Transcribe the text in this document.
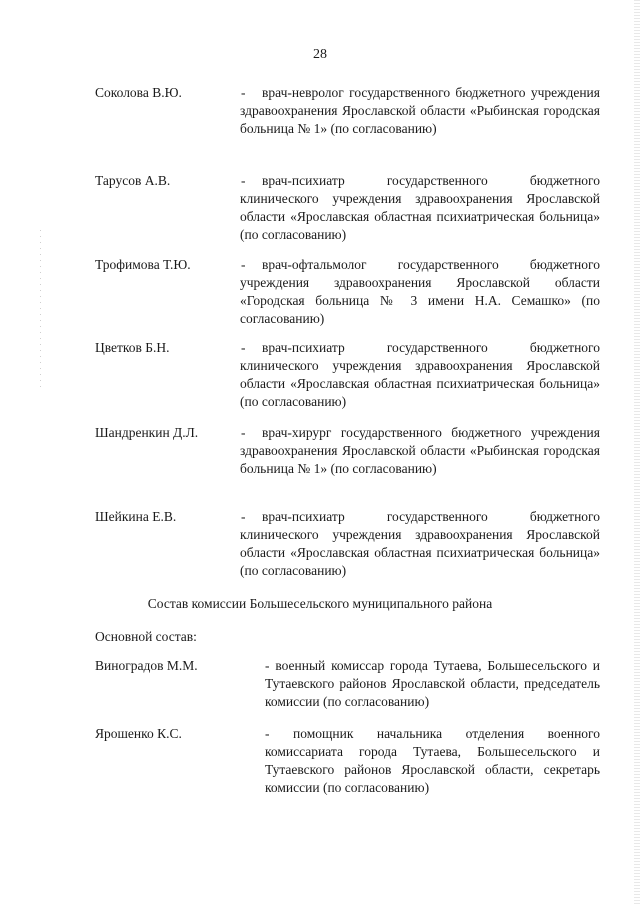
28
Соколова В.Ю.	-	врач-невролог государственного бюджетного учреждения здравоохранения Ярославской области «Рыбинская городская больница № 1» (по согласованию)
Тарусов А.В.	-	врач-психиатр государственного бюджетного клинического учреждения здравоохранения Ярославской области «Ярославская областная психиатрическая больница» (по согласованию)
Трофимова Т.Ю.	-	врач-офтальмолог государственного бюджетного учреждения здравоохранения Ярославской области «Городская больница № 3 имени Н.А. Семашко» (по согласованию)
Цветков Б.Н.	-	врач-психиатр государственного бюджетного клинического учреждения здравоохранения Ярославской области «Ярославская областная психиатрическая больница» (по согласованию)
Шандренкин Д.Л.	-	врач-хирург государственного бюджетного учреждения здравоохранения Ярославской области «Рыбинская городская больница № 1» (по согласованию)
Шейкина Е.В.	-	врач-психиатр государственного бюджетного клинического учреждения здравоохранения Ярославской области «Ярославская областная психиатрическая больница» (по согласованию)
Состав комиссии Большесельского муниципального района
Основной состав:
Виноградов М.М.	- военный комиссар города Тутаева, Большесельского и Тутаевского районов Ярославской области, председатель комиссии (по согласованию)
Ярошенко К.С.	- помощник начальника отделения военного комиссариата города Тутаева, Большесельского и Тутаевского районов Ярославской области, секретарь комиссии (по согласованию)
